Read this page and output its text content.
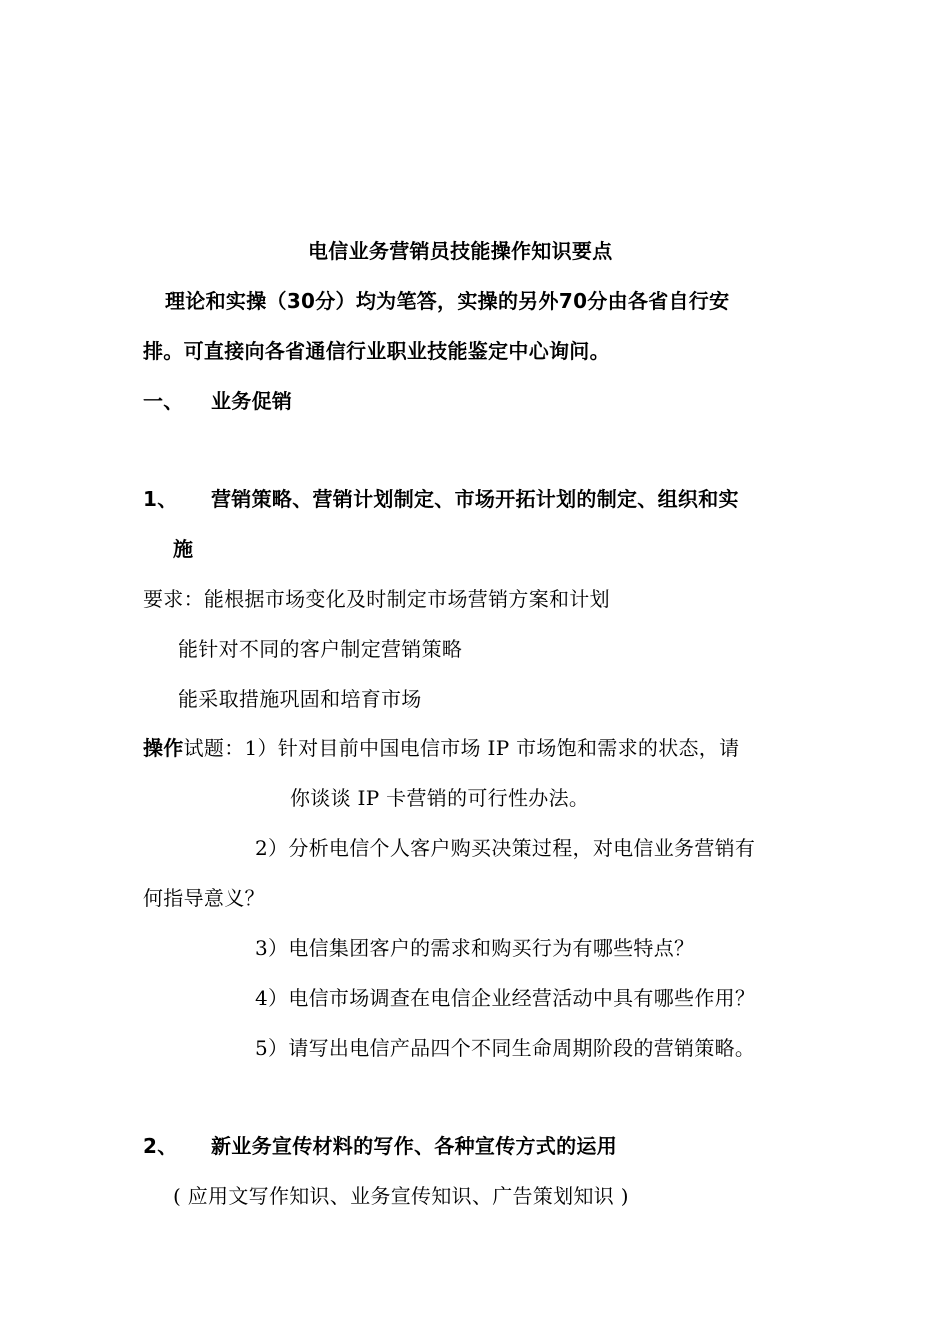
电信业务营销员技能操作知识要点
理论和实操（30分）均为笔答，实操的另外70分由各省自行安
排。可直接向各省通信行业职业技能鉴定中心询问。
一、 业务促销
1、 营销策略、营销计划制定、市场开拓计划的制定、组织和实
施
要求：能根据市场变化及时制定市场营销方案和计划
能针对不同的客户制定营销策略
能采取措施巩固和培育市场
操作试题：1）针对目前中国电信市场 IP 市场饱和需求的状态，请
你谈谈 IP 卡营销的可行性办法。
2）分析电信个人客户购买决策过程，对电信业务营销有
何指导意义？
3）电信集团客户的需求和购买行为有哪些特点？
4）电信市场调查在电信企业经营活动中具有哪些作用？
5）请写出电信产品四个不同生命周期阶段的营销策略。
2、 新业务宣传材料的写作、各种宣传方式的运用
( 应用文写作知识、业务宣传知识、广告策划知识 )
